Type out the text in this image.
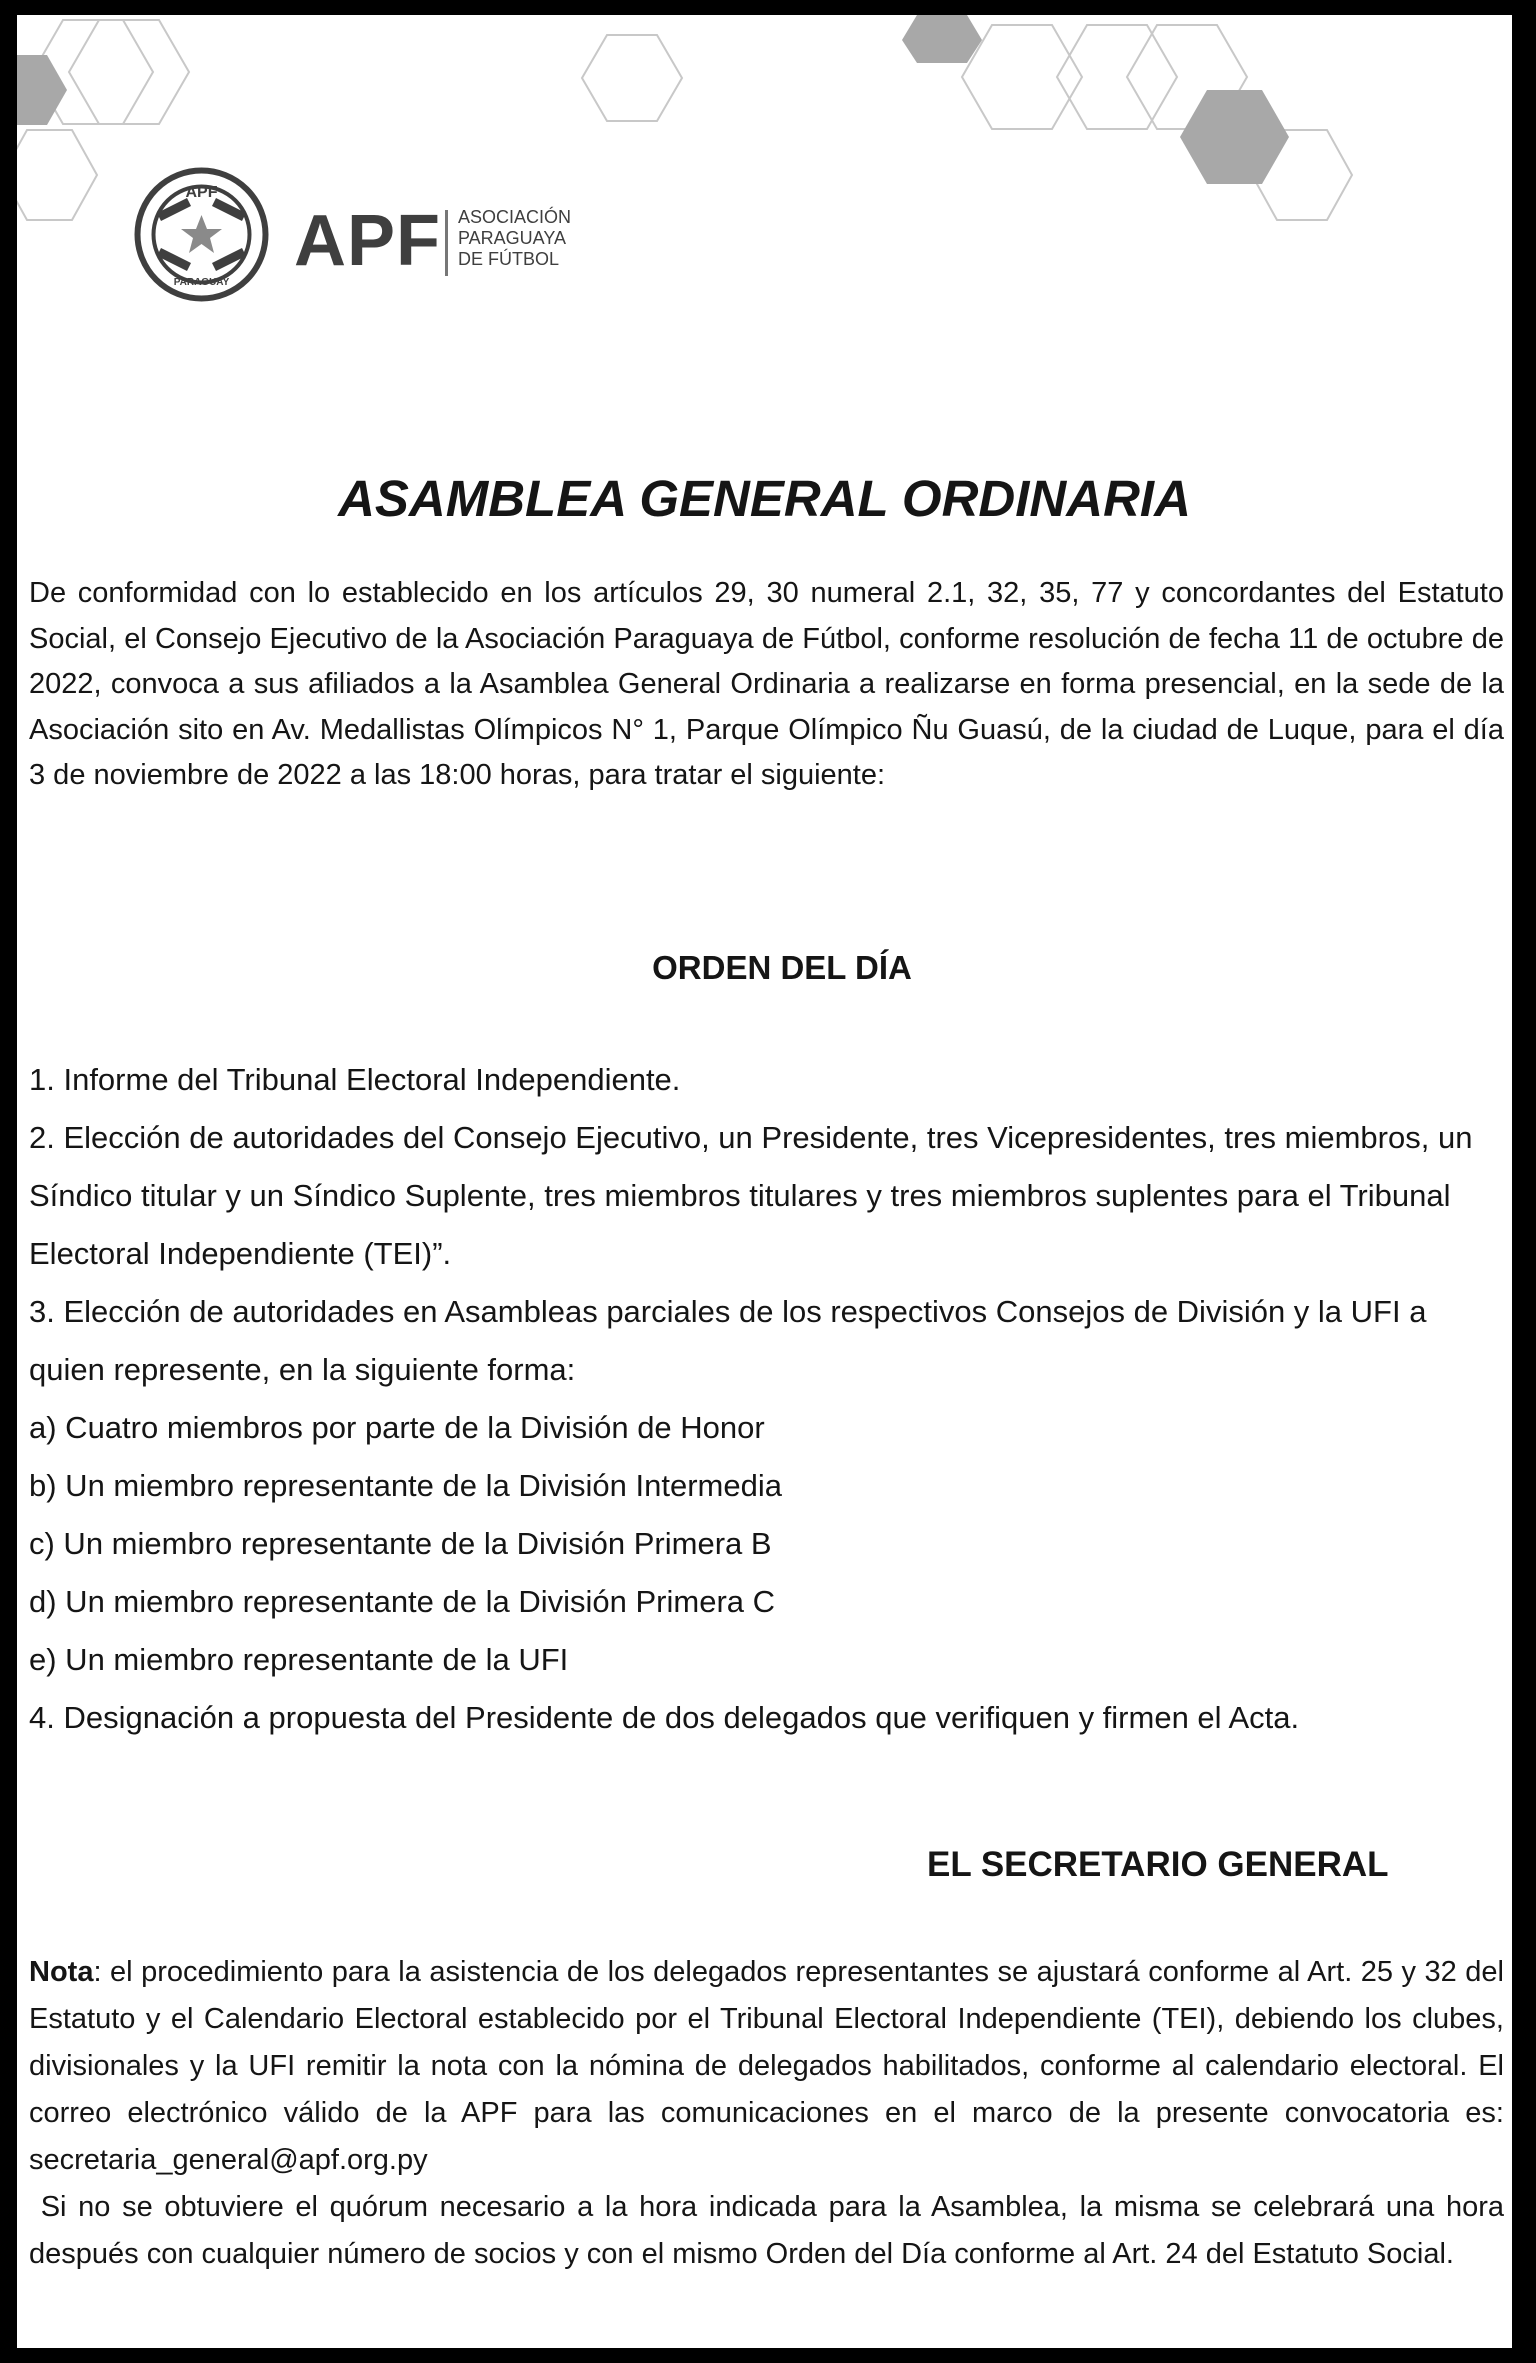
APF
PARAGUAY
APF ASOCIACIÓN
PARAGUAYA
DE FÚTBOL
ASAMBLEA GENERAL ORDINARIA

De conformidad con lo establecido en los artículos 29, 30 numeral 2.1, 32, 35, 77 y concordantes del Estatuto Social, el Consejo Ejecutivo de la Asociación Paraguaya de Fútbol, conforme resolución de fecha 11 de octubre de 2022, convoca a sus afiliados a la Asamblea General Ordinaria a realizarse en forma presencial, en la sede de la Asociación sito en Av. Medallistas Olímpicos N° 1, Parque Olímpico Ñu Guasú, de la ciudad de Luque, para el día 3 de noviembre de 2022 a las 18:00 horas, para tratar el siguiente:

ORDEN DEL DÍA
1. Informe del Tribunal Electoral Independiente.
2. Elección de autoridades del Consejo Ejecutivo, un Presidente, tres Vicepresidentes, tres miembros, un Síndico titular y un Síndico Suplente, tres miembros titulares y tres miembros suplentes para el Tribunal Electoral Independiente (TEI)”.
3. Elección de autoridades en Asambleas parciales de los respectivos Consejos de División y la UFI a quien represente, en la siguiente forma:
a) Cuatro miembros por parte de la División de Honor
b) Un miembro representante de la División Intermedia
c) Un miembro representante de la División Primera B
d) Un miembro representante de la División Primera C
e) Un miembro representante de la UFI
4. Designación a propuesta del Presidente de dos delegados que verifiquen y firmen el Acta.
EL SECRETARIO GENERAL

Nota: el procedimiento para la asistencia de los delegados representantes se ajustará conforme al Art. 25 y 32 del Estatuto y el Calendario Electoral establecido por el Tribunal Electoral Independiente (TEI), debiendo los clubes, divisionales y la UFI remitir la nota con la nómina de delegados habilitados, conforme al calendario electoral. El correo electrónico válido de la APF para las comunicaciones en el marco de la presente convocatoria es: secretaria_general@apf.org.py
Si no se obtuviere el quórum necesario a la hora indicada para la Asamblea, la misma se celebrará una hora después con cualquier número de socios y con el mismo Orden del Día conforme al Art. 24 del Estatuto Social.
